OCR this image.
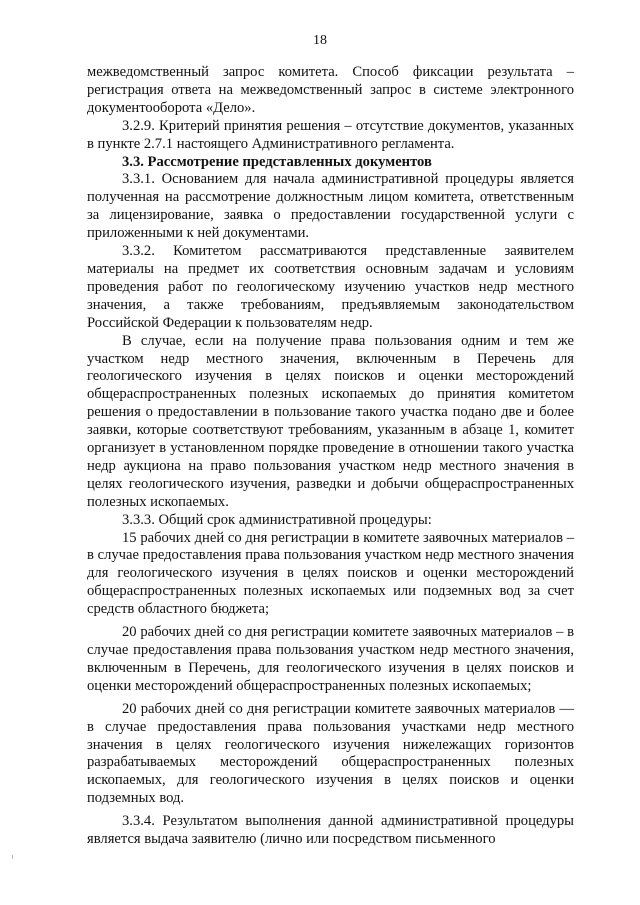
18

межведомственный запрос комитета. Способ фиксации результата – регистрация ответа на межведомственный запрос в системе электронного документооборота «Дело».

3.2.9. Критерий принятия решения – отсутствие документов, указанных в пункте 2.7.1 настоящего Административного регламента.

3.3. Рассмотрение представленных документов

3.3.1. Основанием для начала административной процедуры является полученная на рассмотрение должностным лицом комитета, ответственным за лицензирование, заявка о предоставлении государственной услуги с приложенными к ней документами.

3.3.2. Комитетом рассматриваются представленные заявителем материалы на предмет их соответствия основным задачам и условиям проведения работ по геологическому изучению участков недр местного значения, а также требованиям, предъявляемым законодательством Российской Федерации к пользователям недр.

В случае, если на получение права пользования одним и тем же участком недр местного значения, включенным в Перечень для геологического изучения в целях поисков и оценки месторождений общераспространенных полезных ископаемых до принятия комитетом решения о предоставлении в пользование такого участка подано две и более заявки, которые соответствуют требованиям, указанным в абзаце 1, комитет организует в установленном порядке проведение в отношении такого участка недр аукциона на право пользования участком недр местного значения в целях геологического изучения, разведки и добычи общераспространенных полезных ископаемых.

3.3.3. Общий срок административной процедуры:

15 рабочих дней со дня регистрации в комитете заявочных материалов – в случае предоставления права пользования участком недр местного значения для геологического изучения в целях поисков и оценки месторождений общераспространенных полезных ископаемых или подземных вод за счет средств областного бюджета;

20 рабочих дней со дня регистрации комитете заявочных материалов – в случае предоставления права пользования участком недр местного значения, включенным в Перечень, для геологического изучения в целях поисков и оценки месторождений общераспространенных полезных ископаемых;

20 рабочих дней со дня регистрации комитете заявочных материалов — в случае предоставления права пользования участками недр местного значения в целях геологического изучения нижележащих горизонтов разрабатываемых месторождений общераспространенных полезных ископаемых, для геологического изучения в целях поисков и оценки подземных вод.

3.3.4. Результатом выполнения данной административной процедуры является выдача заявителю (лично или посредством письменного
